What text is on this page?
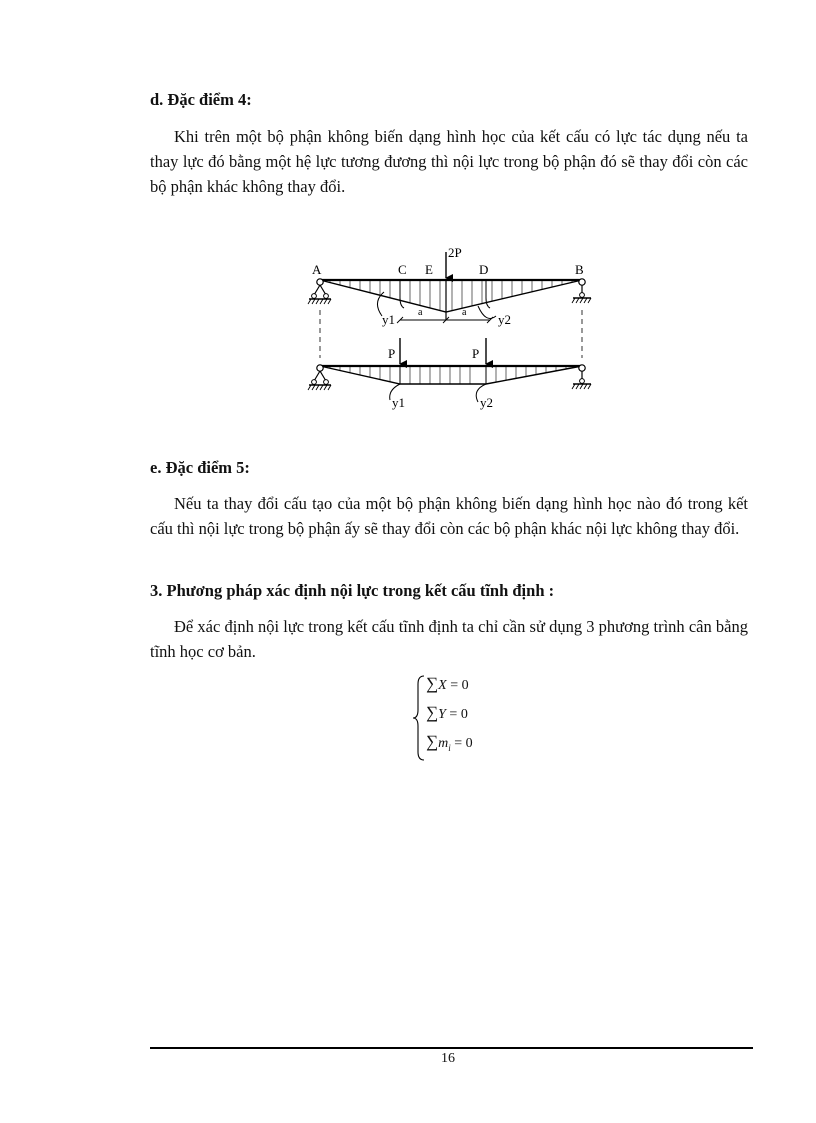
d. Đặc điểm 4:

Khi trên một bộ phận không biến dạng hình học của kết cấu có lực tác dụng nếu ta thay lực đó bằng một hệ lực tương đương thì nội lực trong bộ phận đó sẽ thay đổi còn các bộ phận khác không thay đổi.

2P
A	C E	D	B
a	a
y1	y2
P	P
y1	y2
e. Đặc điểm 5:

Nếu ta thay đổi cấu tạo của một bộ phận không biến dạng hình học nào đó trong kết cấu thì nội lực trong bộ phận ấy sẽ thay đổi còn các bộ phận khác nội lực không thay đổi.

3. Phương pháp xác định nội lực trong kết cấu tĩnh định :

Để xác định nội lực trong kết cấu tĩnh định ta chỉ cần sử dụng 3 phương trình cân bằng tĩnh học cơ bản.

∑X = 0
∑Y = 0
$\sum m_i = 0$
16
